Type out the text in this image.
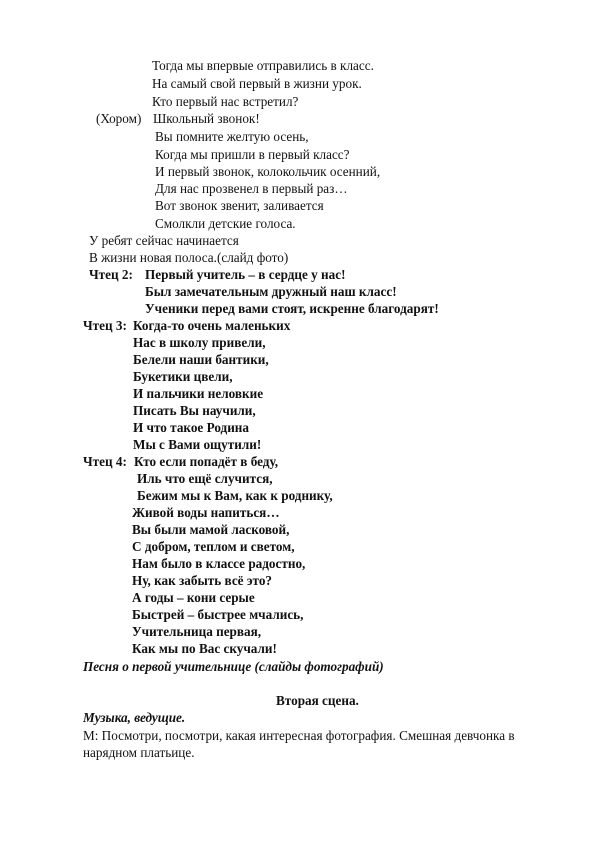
Тогда мы впервые отправились в класс.
На самый свой первый в жизни урок.
Кто первый нас встретил?
(Хором) Школьный звонок!
Вы помните желтую осень,
Когда мы пришли в первый класс?
И первый звонок, колокольчик осенний,
Для нас прозвенел в первый раз…
Вот звонок звенит, заливается
Смолкли детские голоса.
У ребят сейчас начинается
В жизни новая полоса.(слайд фото)
Чтец 2: Первый учитель – в сердце у нас!
Был замечательным дружный наш класс!
Ученики перед вами стоят, искренне благодарят!
Чтец 3: Когда-то очень маленьких
Нас в школу привели,
Белели наши бантики,
Букетики цвели,
И пальчики неловкие
Писать Вы научили,
И что такое Родина
Мы с Вами ощутили!
Чтец 4: Кто если попадёт в беду,
Иль что ещё случится,
Бежим мы к Вам, как к роднику,
Живой воды напиться…
Вы были мамой ласковой,
С добром, теплом и светом,
Нам было в классе радостно,
Ну, как забыть всё это?
А годы – кони серые
Быстрей – быстрее мчались,
Учительница первая,
Как мы по Вас скучали!
Песня о первой учительнице (слайды фотографий)
Вторая сцена.
Музыка, ведущие.
М: Посмотри, посмотри, какая интересная фотография. Смешная девчонка в
нарядном платьице.
